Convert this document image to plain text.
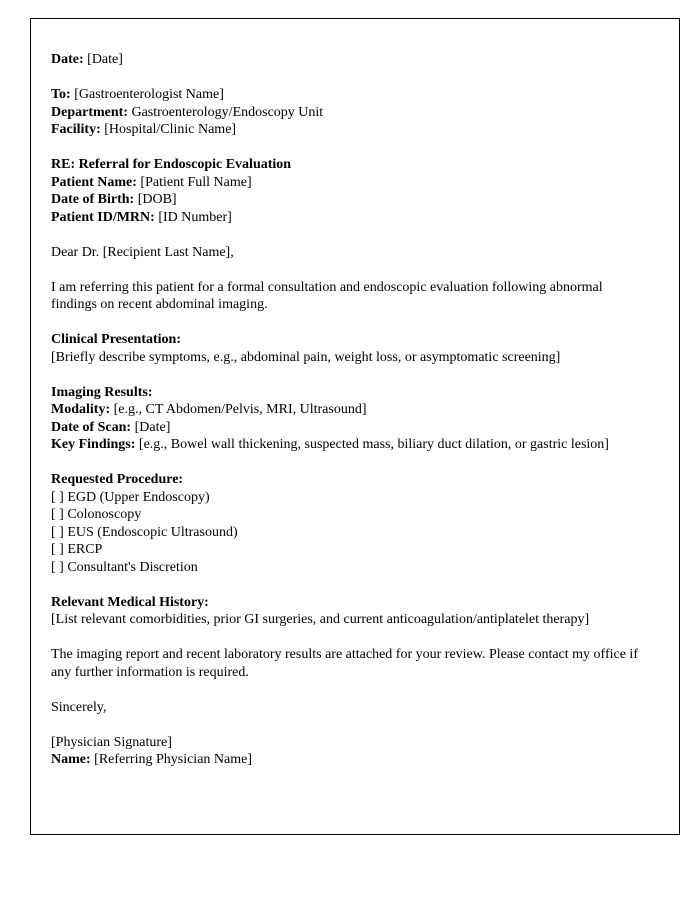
Date: [Date]
To: [Gastroenterologist Name]
Department: Gastroenterology/Endoscopy Unit
Facility: [Hospital/Clinic Name]
RE: Referral for Endoscopic Evaluation
Patient Name: [Patient Full Name]
Date of Birth: [DOB]
Patient ID/MRN: [ID Number]
Dear Dr. [Recipient Last Name],
I am referring this patient for a formal consultation and endoscopic evaluation following abnormal findings on recent abdominal imaging.
Clinical Presentation:
[Briefly describe symptoms, e.g., abdominal pain, weight loss, or asymptomatic screening]
Imaging Results:
Modality: [e.g., CT Abdomen/Pelvis, MRI, Ultrasound]
Date of Scan: [Date]
Key Findings: [e.g., Bowel wall thickening, suspected mass, biliary duct dilation, or gastric lesion]
Requested Procedure:
[ ] EGD (Upper Endoscopy)
[ ] Colonoscopy
[ ] EUS (Endoscopic Ultrasound)
[ ] ERCP
[ ] Consultant's Discretion
Relevant Medical History:
[List relevant comorbidities, prior GI surgeries, and current anticoagulation/antiplatelet therapy]
The imaging report and recent laboratory results are attached for your review. Please contact my office if any further information is required.
Sincerely,
[Physician Signature]
Name: [Referring Physician Name]
